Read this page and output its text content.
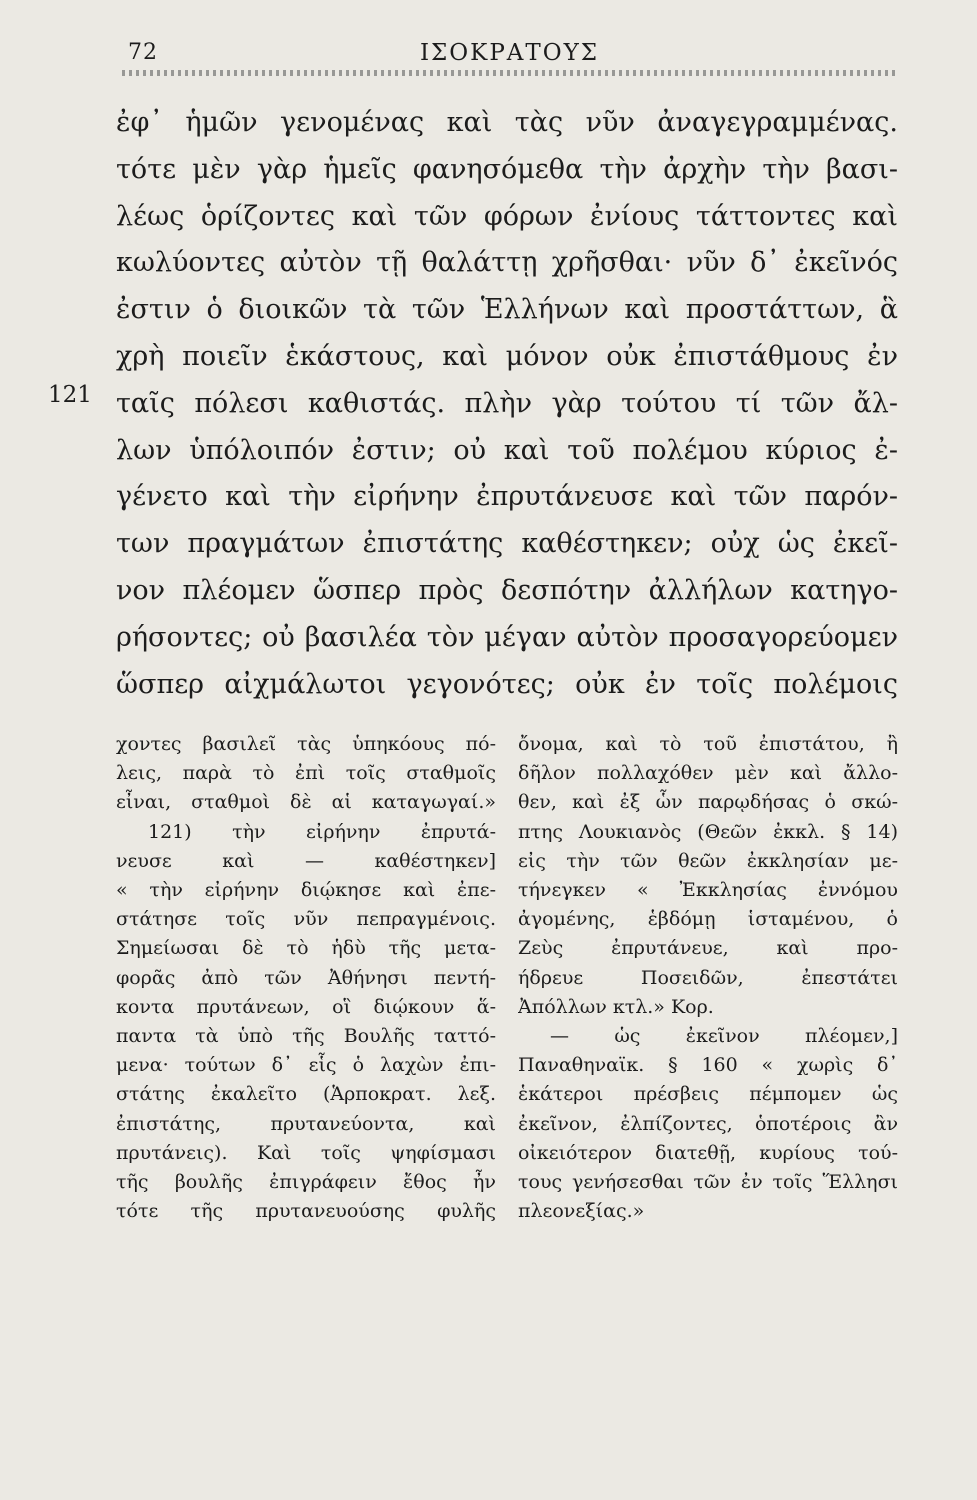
72	ΙΣΟΚΡΑΤΟΥΣ
121
ἐφ᾽ ἡμῶν γενομένας καὶ τὰς νῦν ἀναγεγραμμένας.
τότε μὲν γὰρ ἡμεῖς φανησόμεθα τὴν ἀρχὴν τὴν βασι-
λέως ὁρίζοντες καὶ τῶν φόρων ἐνίους τάττοντες καὶ
κωλύοντες αὐτὸν τῇ θαλάττῃ χρῆσθαι· νῦν δ᾽ ἐκεῖνός
ἐστιν ὁ διοικῶν τὰ τῶν Ἑλλήνων καὶ προστάττων, ἃ
χρὴ ποιεῖν ἑκάστους, καὶ μόνον οὐκ ἐπιστάθμους ἐν
ταῖς πόλεσι καθιστάς. πλὴν γὰρ τούτου τί τῶν ἄλ-
λων ὑπόλοιπόν ἐστιν; οὐ καὶ τοῦ πολέμου κύριος ἐ-
γένετο καὶ τὴν εἰρήνην ἐπρυτάνευσε καὶ τῶν παρόν-
των πραγμάτων ἐπιστάτης καθέστηκεν; οὐχ ὡς ἐκεῖ-
νον πλέομεν ὥσπερ πρὸς δεσπότην ἀλλήλων κατηγο-
ρήσοντες; οὐ βασιλέα τὸν μέγαν αὐτὸν προσαγορεύομεν
ὥσπερ αἰχμάλωτοι γεγονότες; οὐκ ἐν τοῖς πολέμοις
χοντες βασιλεῖ τὰς ὑπηκόους πό-
λεις, παρὰ τὸ ἐπὶ τοῖς σταθμοῖς
εἶναι, σταθμοὶ δὲ αἱ καταγωγαί.»
121) τὴν εἰρήνην ἐπρυτά-
νευσε καὶ — καθέστηκεν]
« τὴν εἰρήνην διῴκησε καὶ ἐπε-
στάτησε τοῖς νῦν πεπραγμένοις.
Σημείωσαι δὲ τὸ ἡδὺ τῆς μετα-
φορᾶς ἀπὸ τῶν Ἀθήνησι πεντή-
κοντα πρυτάνεων, οἳ διῴκουν ἅ-
παντα τὰ ὑπὸ τῆς Βουλῆς ταττό-
μενα· τούτων δ᾽ εἷς ὁ λαχὼν ἐπι-
στάτης ἐκαλεῖτο (Ἁρποκρατ. λεξ.
ἐπιστάτης, πρυτανεύοντα, καὶ
πρυτάνεις). Καὶ τοῖς ψηφίσμασι
τῆς βουλῆς ἐπιγράφειν ἔθος ἦν
τότε τῆς πρυτανευούσης φυλῆς
ὄνομα, καὶ τὸ τοῦ ἐπιστάτου, ἢ
δῆλον πολλαχόθεν μὲν καὶ ἄλλο-
θεν, καὶ ἐξ ὧν παρῳδήσας ὁ σκώ-
πτης Λουκιανὸς (Θεῶν ἐκκλ. § 14)
εἰς τὴν τῶν θεῶν ἐκκλησίαν με-
τήνεγκεν « Ἐκκλησίας ἐννόμου
ἀγομένης, ἑβδόμῃ ἱσταμένου, ὁ
Ζεὺς ἐπρυτάνευε, καὶ προ-
ήδρευε Ποσειδῶν, ἐπεστάτει
Ἀπόλλων κτλ.» Κορ.
— ὡς ἐκεῖνον πλέομεν,]
Παναθηναϊκ. § 160 « χωρὶς δ᾽
ἑκάτεροι πρέσβεις πέμπομεν ὡς
ἐκεῖνον, ἐλπίζοντες, ὁποτέροις ἂν
οἰκειότερον διατεθῇ, κυρίους τού-
τους γενήσεσθαι τῶν ἐν τοῖς Ἕλλησι
πλεονεξίας.»
